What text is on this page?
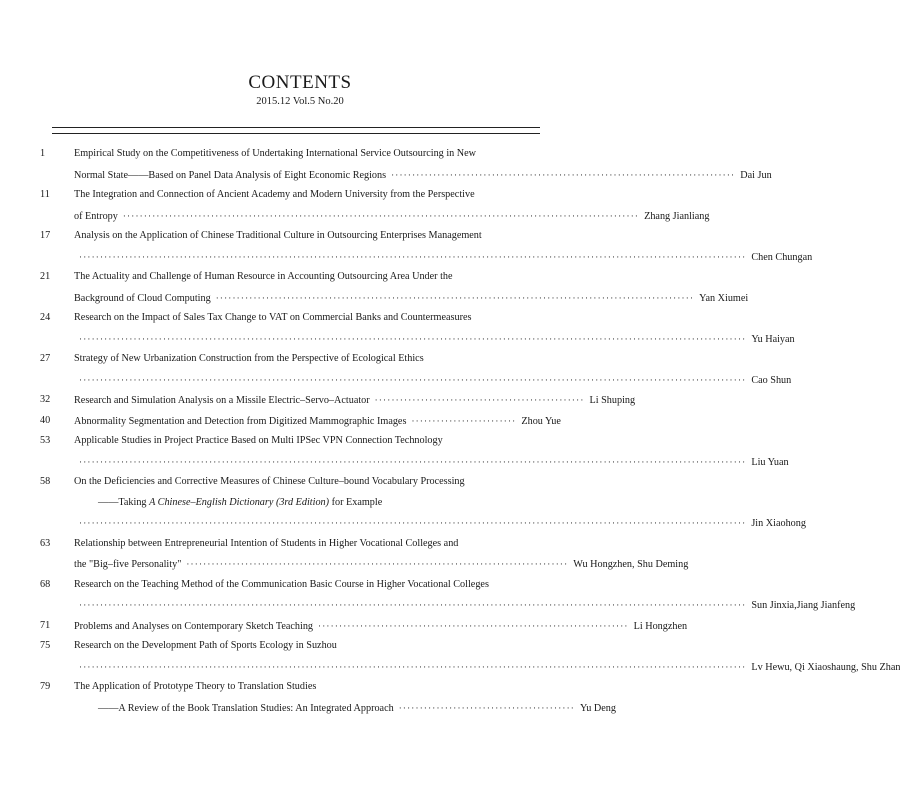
CONTENTS
2015.12 Vol.5 No.20
1	Empirical Study on the Competitiveness of Undertaking International Service Outsourcing in New
Normal State——Based on Panel Data Analysis of Eight Economic Regions ·················································································· Dai Jun
11	The Integration and Connection of Ancient Academy and Modern University from the Perspective
of Entropy ··························································································································· Zhang Jianliang
17	Analysis on the Application of Chinese Traditional Culture in Outsourcing Enterprises Management
······························································································································································· Chen Chungan
21	The Actuality and Challenge of Human Resource in Accounting Outsourcing Area Under the
Background of Cloud Computing ·················································································································· Yan Xiumei
24	Research on the Impact of Sales Tax Change to VAT on Commercial Banks and Countermeasures
······························································································································································· Yu Haiyan
27	Strategy of New Urbanization Construction from the Perspective of Ecological Ethics
······························································································································································· Cao Shun
32	Research and Simulation Analysis on a Missile Electric–Servo–Actuator ·················································· Li Shuping
40	Abnormality Segmentation and Detection from Digitized Mammographic Images ························· Zhou Yue
53	Applicable Studies in Project Practice Based on Multi IPSec VPN Connection Technology
······························································································································································· Liu Yuan
58	On the Deficiencies and Corrective Measures of Chinese Culture–bound Vocabulary Processing
——Taking A Chinese–English Dictionary (3rd Edition) for Example
······························································································································································· Jin Xiaohong
63	Relationship between Entrepreneurial Intention of Students in Higher Vocational Colleges and
the "Big–five Personality" ··························································································· Wu Hongzhen, Shu Deming
68	Research on the Teaching Method of the Communication Basic Course in Higher Vocational Colleges
······························································································································································· Sun Jinxia,Jiang Jianfeng
71	Problems and Analyses on Contemporary Sketch Teaching ·········································································· Li Hongzhen
75	Research on the Development Path of Sports Ecology in Suzhou
······························································································································································· Lv Hewu, Qi Xiaoshaung, Shu Zhan
79	The Application of Prototype Theory to Translation Studies
——A Review of the Book Translation Studies: An Integrated Approach ·········································· Yu Deng
